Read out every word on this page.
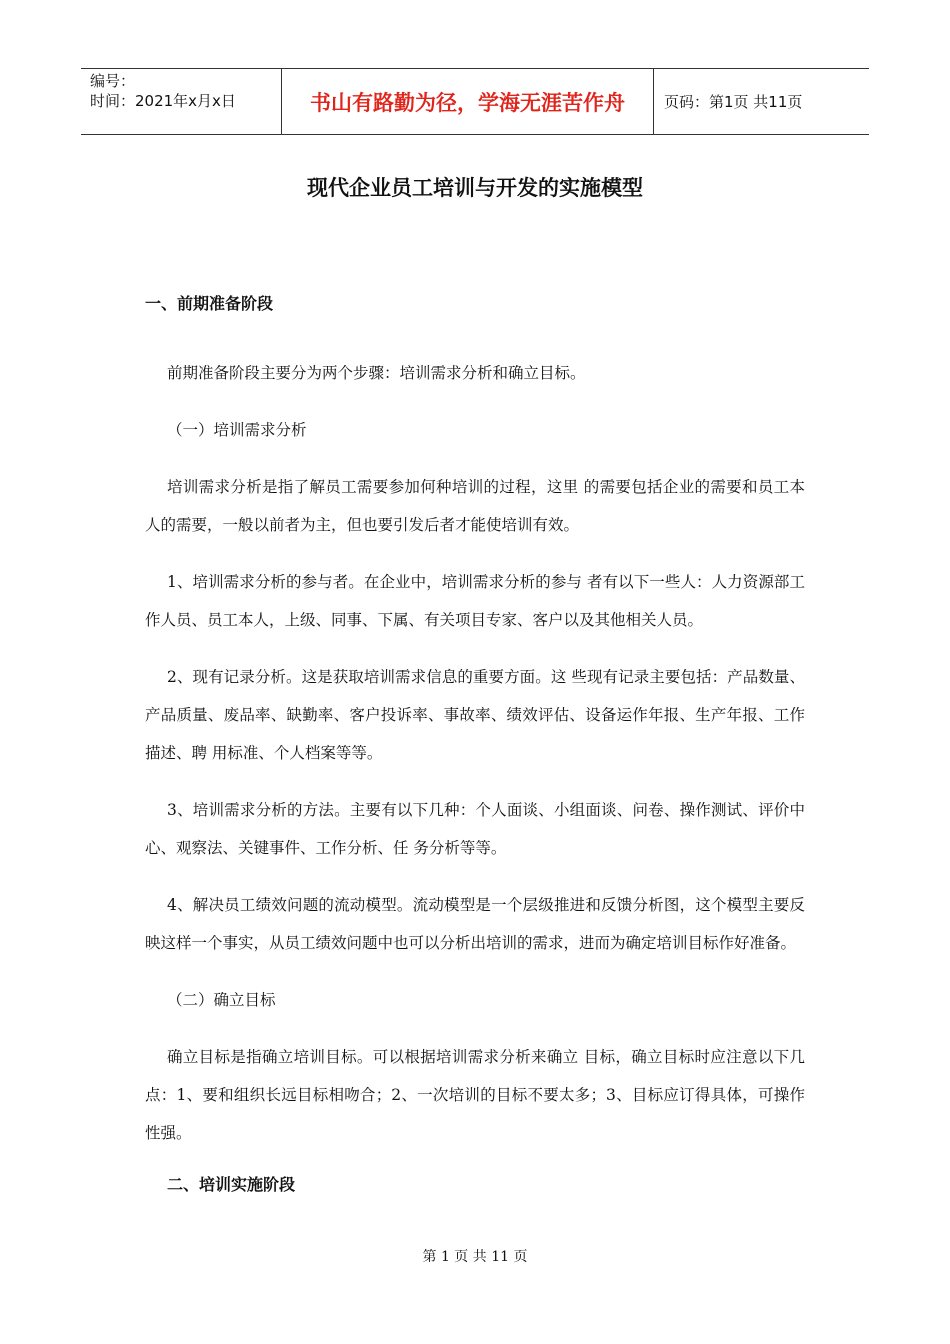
编号：
时间：2021年x月x日	书山有路勤为径，学海无涯苦作舟	页码：第1页 共11页
现代企业员工培训与开发的实施模型
一、前期准备阶段

前期准备阶段主要分为两个步骤：培训需求分析和确立目标。

（一）培训需求分析

培训需求分析是指了解员工需要参加何种培训的过程，这里 的需要包括企业的需要和员工本人的需要，一般以前者为主，但也要引发后者才能使培训有效。

1、培训需求分析的参与者。在企业中，培训需求分析的参与 者有以下一些人：人力资源部工作人员、员工本人，上级、同事、下属、有关项目专家、客户以及其他相关人员。

2、现有记录分析。这是获取培训需求信息的重要方面。这 些现有记录主要包括：产品数量、产品质量、废品率、缺勤率、客户投诉率、事故率、绩效评估、设备运作年报、生产年报、工作描述、聘 用标准、个人档案等等。

3、培训需求分析的方法。主要有以下几种：个人面谈、小组面谈、问卷、操作测试、评价中心、观察法、关键事件、工作分析、任 务分析等等。

4、解决员工绩效问题的流动模型。流动模型是一个层级推进和反馈分析图，这个模型主要反映这样一个事实，从员工绩效问题中也可以分析出培训的需求，进而为确定培训目标作好准备。

（二）确立目标

确立目标是指确立培训目标。可以根据培训需求分析来确立 目标，确立目标时应注意以下几点：1、要和组织长远目标相吻合；2、一次培训的目标不要太多；3、目标应订得具体，可操作性强。

二、培训实施阶段
第 1 页 共 11 页
